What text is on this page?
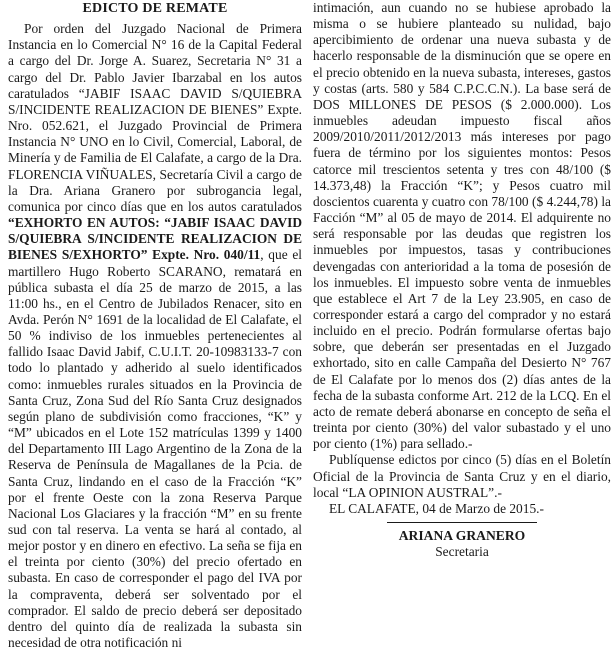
EDICTO DE REMATE

Por orden del Juzgado Nacional de Primera Instancia en lo Comercial N° 16 de la Capital Federal a cargo del Dr. Jorge A. Suarez, Secretaria N° 31 a cargo del Dr. Pablo Javier Ibarzabal en los autos caratulados “JABIF ISAAC DAVID S/QUIEBRA S/INCIDENTE REALIZACION DE BIENES” Expte. Nro. 052.621, el Juzgado Provincial de Primera Instancia N° UNO en lo Civil, Comercial, Laboral, de Minería y de Familia de El Calafate, a cargo de la Dra. FLORENCIA VIÑUALES, Secretaría Civil a cargo de la Dra. Ariana Granero por subrogancia legal, comunica por cinco días que en los autos caratulados “EXHORTO EN AUTOS: “JABIF ISAAC DAVID S/QUIEBRA S/INCIDENTE REALIZACION DE BIENES S/EXHORTO” Expte. Nro. 040/11, que el martillero Hugo Roberto SCARANO, rematará en pública subasta el día 25 de marzo de 2015, a las 11:00 hs., en el Centro de Jubilados Renacer, sito en Avda. Perón N° 1691 de la localidad de El Calafate, el 50 % indiviso de los inmuebles pertenecientes al fallido Isaac David Jabif, C.U.I.T. 20-10983133-7 con todo lo plantado y adherido al suelo identificados como: inmuebles rurales situados en la Provincia de Santa Cruz, Zona Sud del Río Santa Cruz designados según plano de subdivisión como fracciones, “K” y “M” ubicados en el Lote 152 matrículas 1399 y 1400 del Departamento III Lago Argentino de la Zona de la Reserva de Península de Magallanes de la Pcia. de Santa Cruz, lindando en el caso de la Fracción “K” por el frente Oeste con la zona Reserva Parque Nacional Los Glaciares y la fracción “M” en su frente sud con tal reserva. La venta se hará al contado, al mejor postor y en dinero en efectivo. La seña se fija en el treinta por ciento (30%) del precio ofertado en subasta. En caso de corresponder el pago del IVA por la compraventa, deberá ser solventado por el comprador. El saldo de precio deberá ser depositado dentro del quinto día de realizada la subasta sin necesidad de otra notificación ni

intimación, aun cuando no se hubiese aprobado la misma o se hubiere planteado su nulidad, bajo apercibimiento de ordenar una nueva subasta y de hacerlo responsable de la disminución que se opere en el precio obtenido en la nueva subasta, intereses, gastos y costas (arts. 580 y 584 C.P.C.C.N.). La base será de DOS MILLONES DE PESOS ($ 2.000.000). Los inmuebles adeudan impuesto fiscal años 2009/2010/2011/2012/2013 más intereses por pago fuera de término por los siguientes montos: Pesos catorce mil trescientos setenta y tres con 48/100 ($ 14.373,48) la Fracción “K”; y Pesos cuatro mil doscientos cuarenta y cuatro con 78/100 ($ 4.244,78) la Facción “M” al 05 de mayo de 2014. El adquirente no será responsable por las deudas que registren los inmuebles por impuestos, tasas y contribuciones devengadas con anterioridad a la toma de posesión de los inmuebles. El impuesto sobre venta de inmuebles que establece el Art 7 de la Ley 23.905, en caso de corresponder estará a cargo del comprador y no estará incluido en el precio. Podrán formularse ofertas bajo sobre, que deberán ser presentadas en el Juzgado exhortado, sito en calle Campaña del Desierto N° 767 de El Calafate por lo menos dos (2) días antes de la fecha de la subasta conforme Art. 212 de la LCQ. En el acto de remate deberá abonarse en concepto de seña el treinta por ciento (30%) del valor subastado y el uno por ciento (1%) para sellado.-

Publíquense edictos por cinco (5) días en el Boletín Oficial de la Provincia de Santa Cruz y en el diario, local “LA OPINION AUSTRAL”.-

EL CALAFATE, 04 de Marzo de 2015.-

ARIANA GRANERO
Secretaria
